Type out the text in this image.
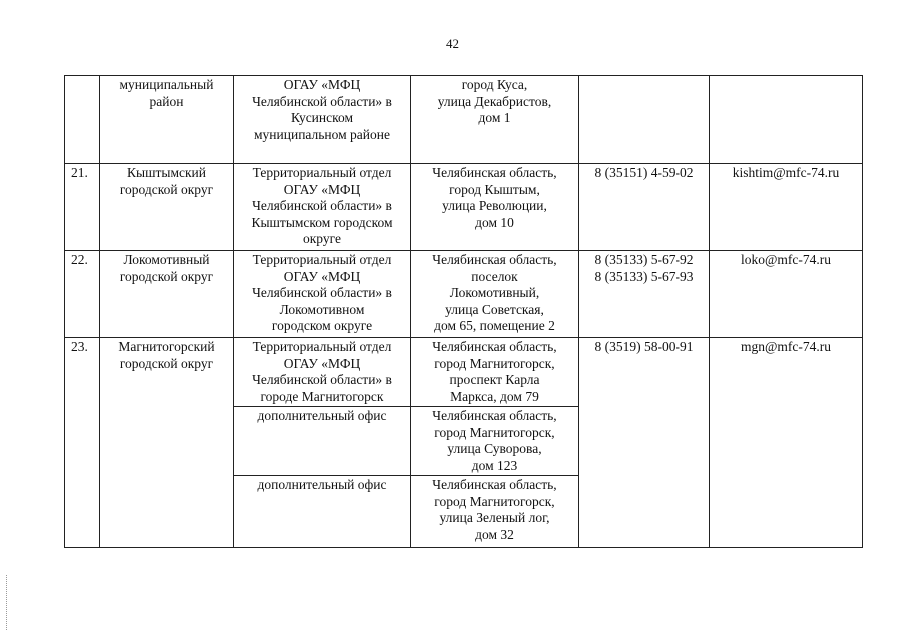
42

	муниципальный
район	ОГАУ «МФЦ
Челябинской области» в
Кусинском
муниципальном районе	город Куса,
улица Декабристов,
дом 1		

21.	Кыштымский
городской округ	Территориальный отдел
ОГАУ «МФЦ
Челябинской области» в
Кыштымском городском
округе	Челябинская область,
город Кыштым,
улица Революции,
дом 10	8 (35151) 4-59-02	kishtim@mfc-74.ru

22.	Локомотивный
городской округ	Территориальный отдел
ОГАУ «МФЦ
Челябинской области» в
Локомотивном
городском округе	Челябинская область,
поселок
Локомотивный,
улица Советская,
дом 65, помещение 2	8 (35133) 5-67-92
8 (35133) 5-67-93	loko@mfc-74.ru

23.	Магнитогорский
городской округ	Территориальный отдел
ОГАУ «МФЦ
Челябинской области» в
городе Магнитогорск	Челябинская область,
город Магнитогорск,
проспект Карла
Маркса, дом 79	8 (3519) 58-00-91	mgn@mfc-74.ru

		дополнительный офис	Челябинская область,
город Магнитогорск,
улица Суворова,
дом 123		

		дополнительный офис	Челябинская область,
город Магнитогорск,
улица Зеленый лог,
дом 32		
